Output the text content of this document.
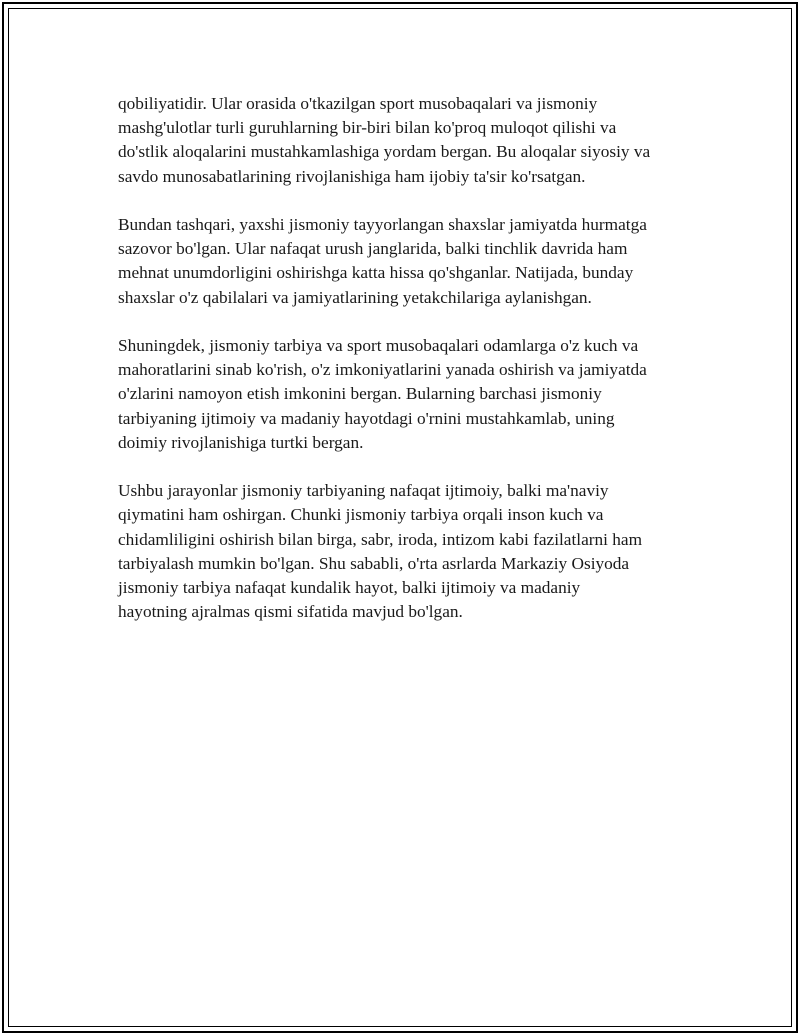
qobiliyatidir. Ular orasida o'tkazilgan sport musobaqalari va jismoniy
mashg'ulotlar turli guruhlarning bir-biri bilan ko'proq muloqot qilishi va
do'stlik aloqalarini mustahkamlashiga yordam bergan. Bu aloqalar siyosiy va
savdo munosabatlarining rivojlanishiga ham ijobiy ta'sir ko'rsatgan.

Bundan tashqari, yaxshi jismoniy tayyorlangan shaxslar jamiyatda hurmatga
sazovor bo'lgan. Ular nafaqat urush janglarida, balki tinchlik davrida ham
mehnat unumdorligini oshirishga katta hissa qo'shganlar. Natijada, bunday
shaxslar o'z qabilalari va jamiyatlarining yetakchilariga aylanishgan.

Shuningdek, jismoniy tarbiya va sport musobaqalari odamlarga o'z kuch va
mahoratlarini sinab ko'rish, o'z imkoniyatlarini yanada oshirish va jamiyatda
o'zlarini namoyon etish imkonini bergan. Bularning barchasi jismoniy
tarbiyaning ijtimoiy va madaniy hayotdagi o'rnini mustahkamlab, uning
doimiy rivojlanishiga turtki bergan.

Ushbu jarayonlar jismoniy tarbiyaning nafaqat ijtimoiy, balki ma'naviy
qiymatini ham oshirgan. Chunki jismoniy tarbiya orqali inson kuch va
chidamliligini oshirish bilan birga, sabr, iroda, intizom kabi fazilatlarni ham
tarbiyalash mumkin bo'lgan. Shu sababli, o'rta asrlarda Markaziy Osiyoda
jismoniy tarbiya nafaqat kundalik hayot, balki ijtimoiy va madaniy
hayotning ajralmas qismi sifatida mavjud bo'lgan.
